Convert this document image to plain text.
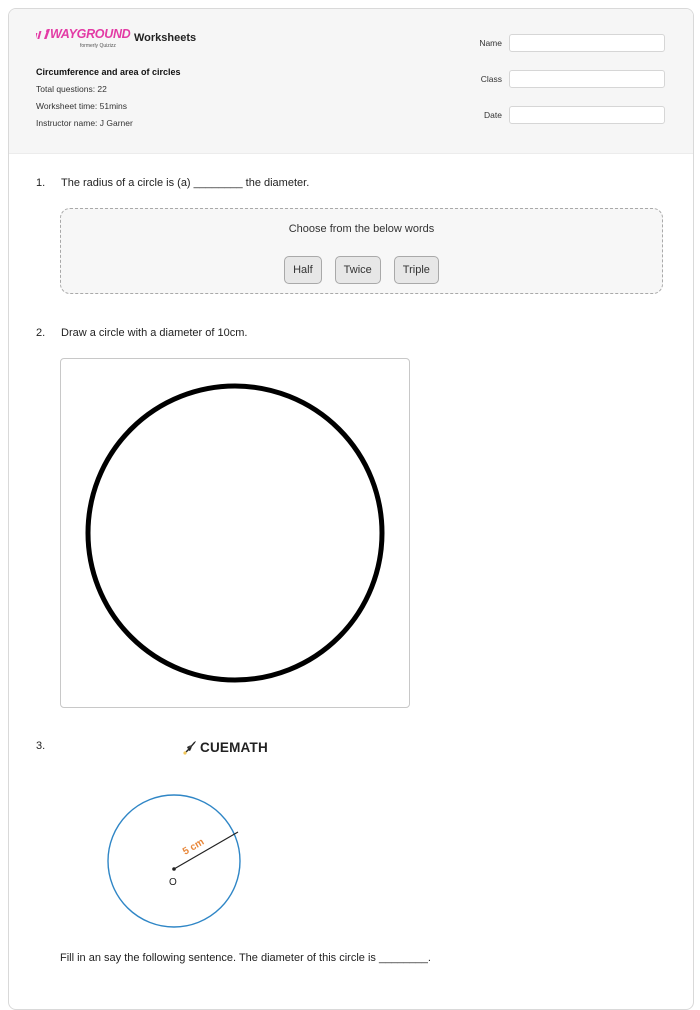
WAYGROUND
formerly Quizizz
Worksheets
Circumference and area of circles
Total questions: 22
Worksheet time: 51mins
Instructor name: J Garner
Name
Class
Date
1. The radius of a circle is (a) ________ the diameter.
Choose from the below words
Half	Twice	Triple
2. Draw a circle with a diameter of 10cm.
3.	CUEMATH
O
5 cm
Fill in an say the following sentence. The diameter of this circle is ________.
